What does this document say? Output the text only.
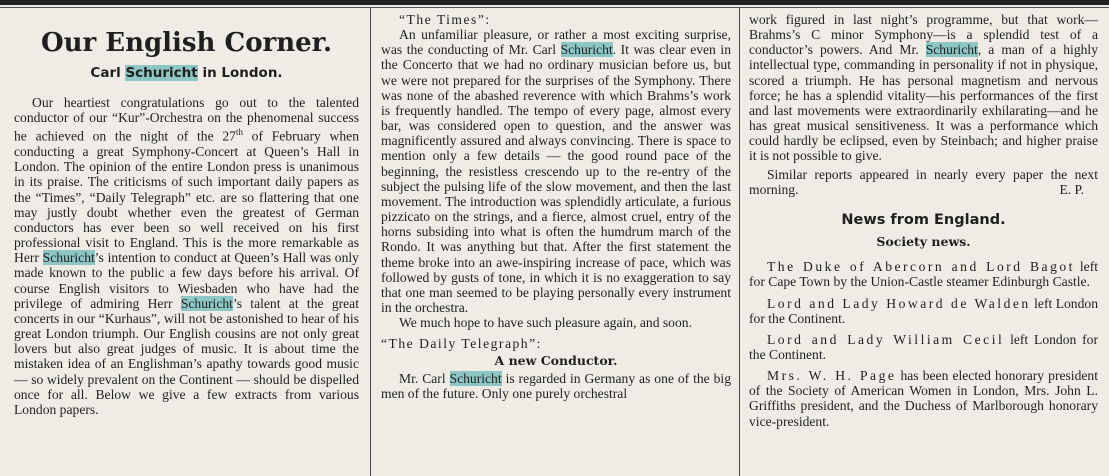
Our English Corner.
Carl Schuricht in London.

Our heartiest congratulations go out to the talented conductor of our “Kur”-Orchestra on the phenomenal success he achieved on the night of the 27th of February when conducting a great Symphony-Concert at Queen’s Hall in London. The opinion of the entire London press is unanimous in its praise. The criticisms of such important daily papers as the “Times”, “Daily Telegraph” etc. are so flattering that one may justly doubt whether even the greatest of German conductors has ever been so well received on his first professional visit to England. This is the more remarkable as Herr Schuricht’s intention to conduct at Queen’s Hall was only made known to the public a few days before his arrival. Of course English visitors to Wiesbaden who have had the privilege of admiring Herr Schuricht’s talent at the great concerts in our “Kurhaus”, will not be astonished to hear of his great London triumph. Our English cousins are not only great lovers but also great judges of music. It is about time the mistaken idea of an Englishman’s apathy towards good music — so widely prevalent on the Continent — should be dispelled once for all. Below we give a few extracts from various London papers.

“The Times”:

An unfamiliar pleasure, or rather a most exciting surprise, was the conducting of Mr. Carl Schuricht. It was clear even in the Concerto that we had no ordinary musician before us, but we were not prepared for the surprises of the Symphony. There was none of the abashed reverence with which Brahms’s work is frequently handled. The tempo of every page, almost every bar, was considered open to question, and the answer was magnificently assured and always convincing. There is space to mention only a few details — the good round pace of the beginning, the resistless crescendo up to the re-entry of the subject the pulsing life of the slow movement, and then the last movement. The introduction was splendidly articulate, a furious pizzicato on the strings, and a fierce, almost cruel, entry of the horns subsiding into what is often the humdrum march of the Rondo. It was anything but that. After the first statement the theme broke into an awe-inspiring increase of pace, which was followed by gusts of tone, in which it is no exaggeration to say that one man seemed to be playing personally every instrument in the orchestra.

We much hope to have such pleasure again, and soon.

“The Daily Telegraph”:

A new Conductor.

Mr. Carl Schuricht is regarded in Germany as one of the big men of the future. Only one purely orchestral

work figured in last night’s programme, but that work—Brahms’s C minor Symphony—is a splendid test of a conductor’s powers. And Mr. Schuricht, a man of a highly intellectual type, commanding in personality if not in physique, scored a triumph. He has personal magnetism and nervous force; he has a splendid vitality—his performances of the first and last movements were extraordinarily exhilarating—and he has great musical sensitiveness. It was a performance which could hardly be eclipsed, even by Steinbach; and higher praise it is not possible to give.

Similar reports appeared in nearly every paper the next morning.	E. P.

News from England.
Society news.

The Duke of Abercorn and Lord Bagot left for Cape Town by the Union-Castle steamer Edinburgh Castle.

Lord and Lady Howard de Walden left London for the Continent.

Lord and Lady William Cecil left London for the Continent.

Mrs. W. H. Page has been elected honorary president of the Society of American Women in London, Mrs. John L. Griffiths president, and the Duchess of Marlborough honorary vice-president.
